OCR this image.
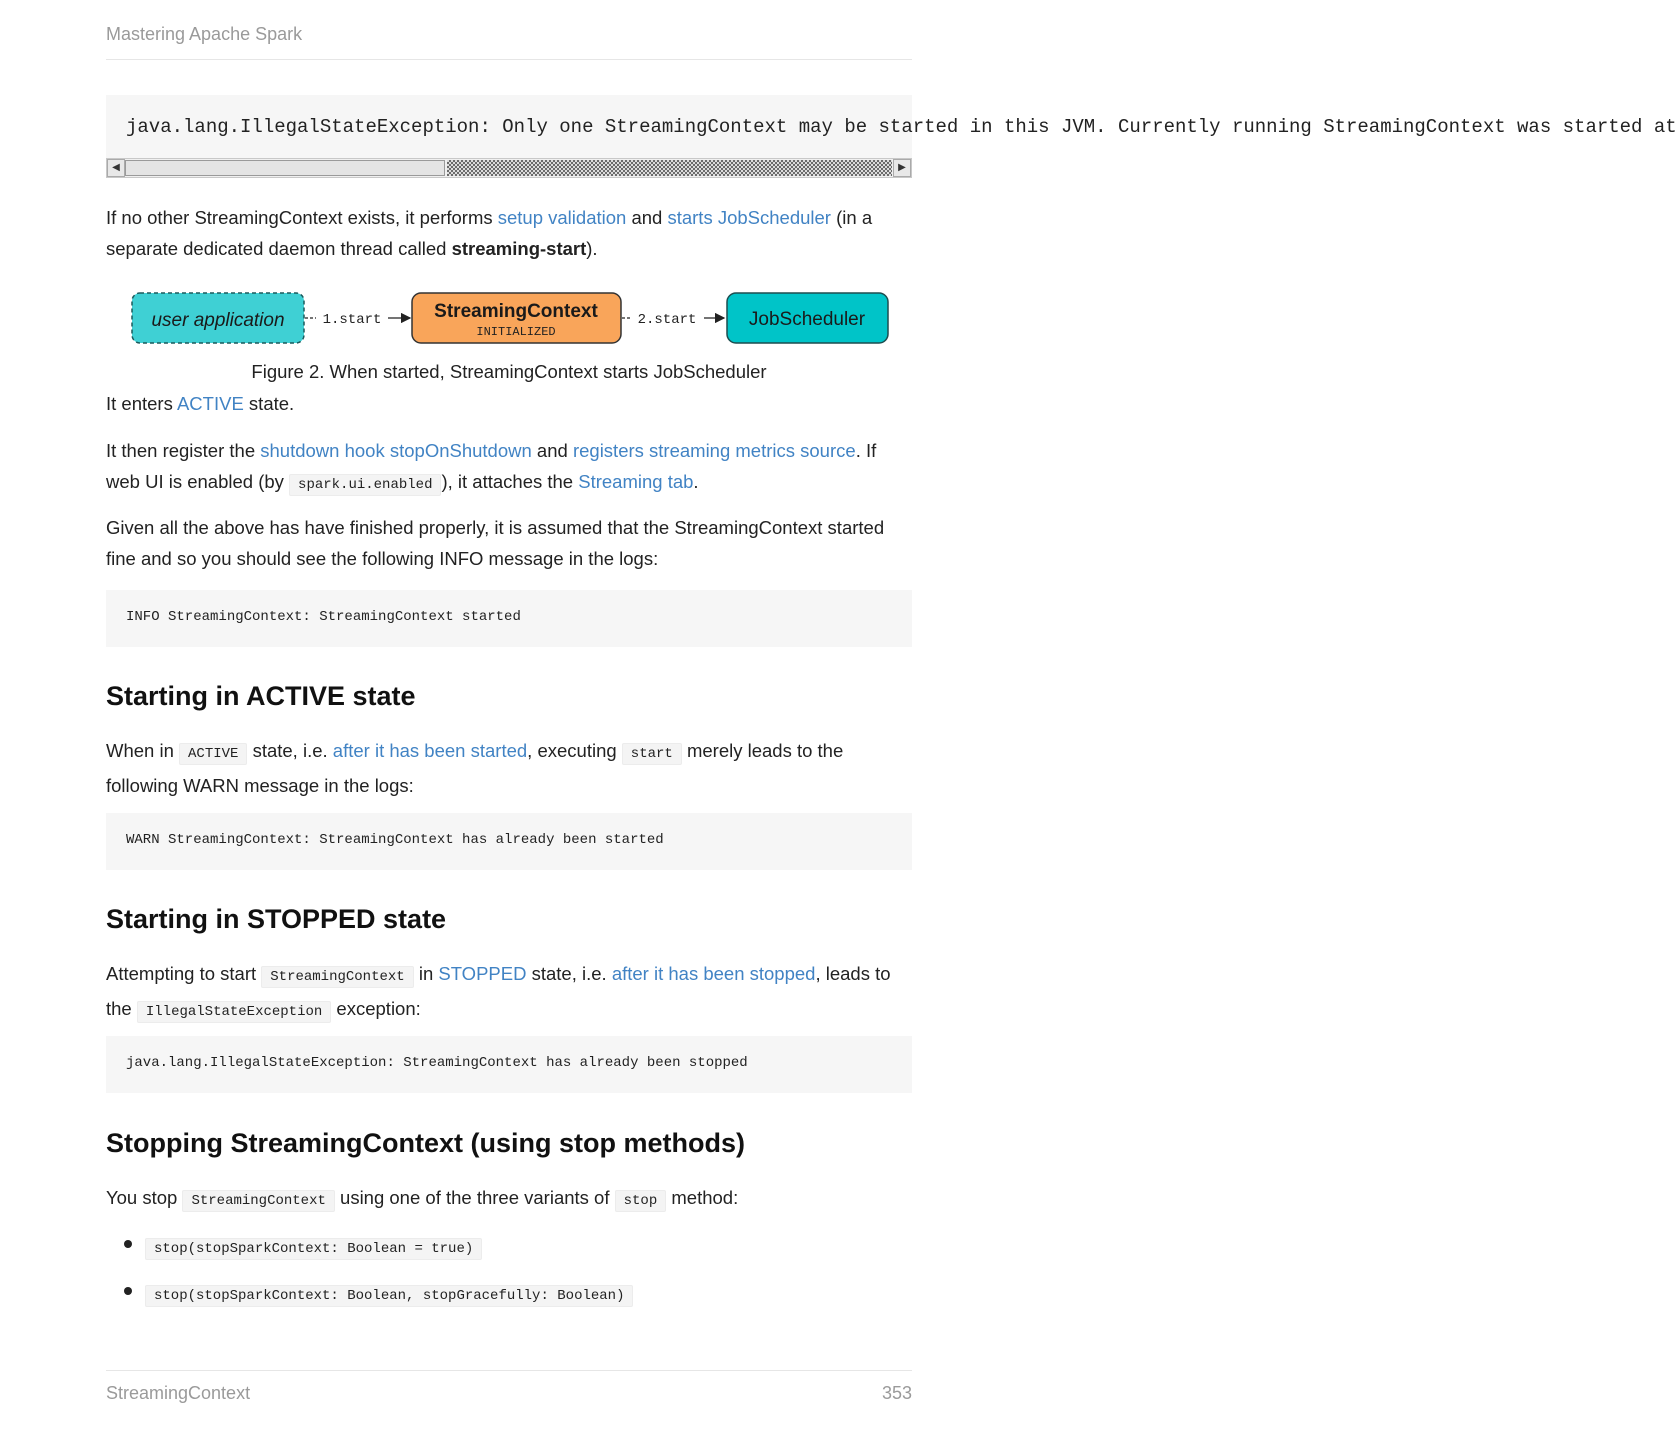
Mastering Apache Spark
java.lang.IllegalStateException: Only one StreamingContext may be started in this JVM. Currently running StreamingContext was started at
◀	▶
If no other StreamingContext exists, it performs setup validation and starts JobScheduler (in a separate dedicated daemon thread called streaming-start).
user application	1.start	StreamingContext
INITIALIZED
2.start	JobScheduler
Figure 2. When started, StreamingContext starts JobScheduler
It enters ACTIVE state.
It then register the shutdown hook stopOnShutdown and registers streaming metrics source. If web UI is enabled (by spark.ui.enabled ), it attaches the Streaming tab.
Given all the above has have finished properly, it is assumed that the StreamingContext started fine and so you should see the following INFO message in the logs:
INFO StreamingContext: StreamingContext started
Starting in ACTIVE state
When in ACTIVE state, i.e. after it has been started, executing start merely leads to the following WARN message in the logs:
WARN StreamingContext: StreamingContext has already been started
Starting in STOPPED state
Attempting to start StreamingContext in STOPPED state, i.e. after it has been stopped, leads to the IllegalStateException exception:
java.lang.IllegalStateException: StreamingContext has already been stopped
Stopping StreamingContext (using stop methods)
You stop StreamingContext using one of the three variants of stop method:
stop(stopSparkContext: Boolean = true)
stop(stopSparkContext: Boolean, stopGracefully: Boolean)
StreamingContext	353
